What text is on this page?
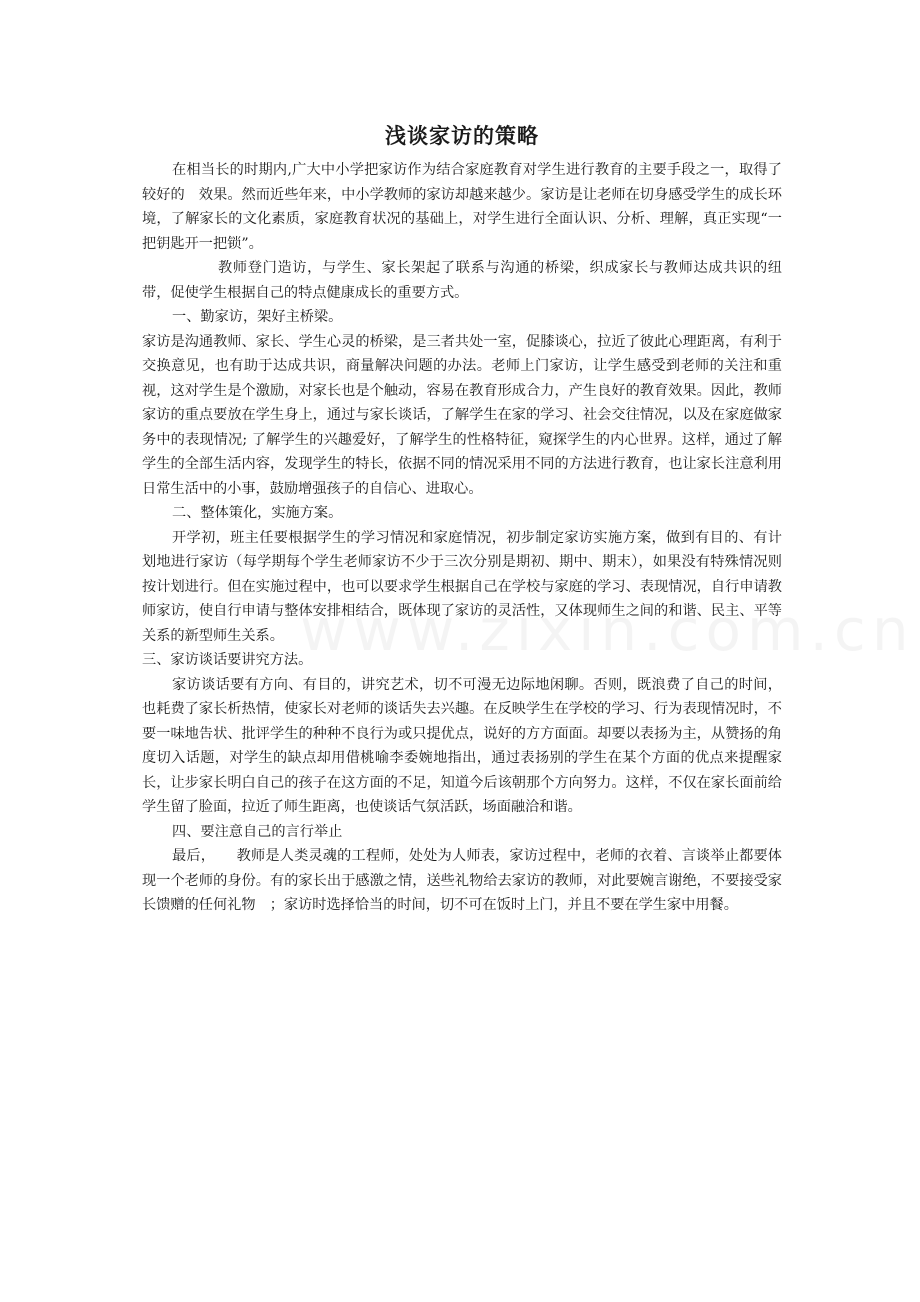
浅谈家访的策略

在相当长的时期内,广大中小学把家访作为结合家庭教育对学生进行教育的主要手段之一，取得了较好的　效果。然而近些年来，中小学教师的家访却越来越少。家访是让老师在切身感受学生的成长环境，了解家长的文化素质，家庭教育状况的基础上，对学生进行全面认识、分析、理解，真正实现“一把钥匙开一把锁”。

教师登门造访，与学生、家长架起了联系与沟通的桥梁，织成家长与教师达成共识的纽带，促使学生根据自己的特点健康成长的重要方式。

一、勤家访，架好主桥梁。

家访是沟通教师、家长、学生心灵的桥梁，是三者共处一室，促膝谈心，拉近了彼此心理距离，有利于交换意见，也有助于达成共识，商量解决问题的办法。老师上门家访，让学生感受到老师的关注和重视，这对学生是个激励，对家长也是个触动，容易在教育形成合力，产生良好的教育效果。因此，教师家访的重点要放在学生身上，通过与家长谈话，了解学生在家的学习、社会交往情况，以及在家庭做家务中的表现情况; 了解学生的兴趣爱好，了解学生的性格特征，窥探学生的内心世界。这样，通过了解学生的全部生活内容，发现学生的特长，依据不同的情况采用不同的方法进行教育，也让家长注意利用日常生活中的小事，鼓励增强孩子的自信心、进取心。

二、整体策化，实施方案。

开学初，班主任要根据学生的学习情况和家庭情况，初步制定家访实施方案，做到有目的、有计划地进行家访（每学期每个学生老师家访不少于三次分别是期初、期中、期末），如果没有特殊情况则按计划进行。但在实施过程中，也可以要求学生根据自己在学校与家庭的学习、表现情况，自行申请教师家访，使自行申请与整体安排相结合，既体现了家访的灵活性，又体现师生之间的和谐、民主、平等关系的新型师生关系。

三、家访谈话要讲究方法。

家访谈话要有方向、有目的，讲究艺术，切不可漫无边际地闲聊。否则，既浪费了自己的时间，也耗费了家长析热情，使家长对老师的谈话失去兴趣。在反映学生在学校的学习、行为表现情况时，不要一味地告状、批评学生的种种不良行为或只提优点，说好的方方面面。却要以表扬为主，从赞扬的角度切入话题，对学生的缺点却用借桃喻李委婉地指出，通过表扬别的学生在某个方面的优点来提醒家长，让步家长明白自己的孩子在这方面的不足，知道今后该朝那个方向努力。这样，不仅在家长面前给学生留了脸面，拉近了师生距离，也使谈话气氛活跃，场面融洽和谐。

四、要注意自己的言行举止

最后，　　教师是人类灵魂的工程师，处处为人师表，家访过程中，老师的衣着、言谈举止都要体现一个老师的身份。有的家长出于感激之情，送些礼物给去家访的教师，对此要婉言谢绝，不要接受家长馈赠的任何礼物　；家访时选择恰当的时间，切不可在饭时上门，并且不要在学生家中用餐。
